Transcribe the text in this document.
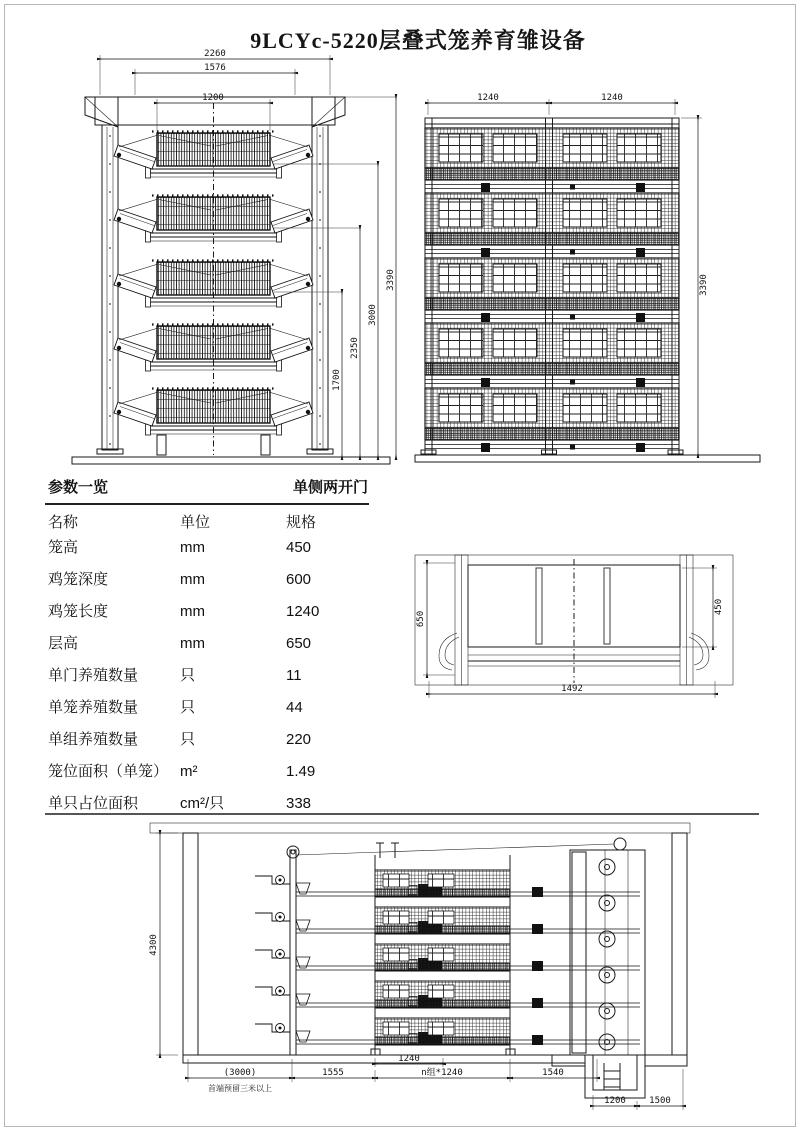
9LCYc-5220层叠式笼养育雏设备
2260
1576
1200
1700
2350
3000
3390
1240	1240
3390
参数一览	单侧两开门
名称	单位	规格
笼高	mm	450
鸡笼深度	mm	600
鸡笼长度	mm	1240
层高	mm	650
单门养殖数量	只	11
单笼养殖数量	只	44
单组养殖数量	只	220
笼位面积（单笼） m²	1.49
单只占位面积	cm²/只	338
650
450
1492
4300
1240
(3000)	1555	n组*1240	1540
首端预留三米以上
1200	1500
